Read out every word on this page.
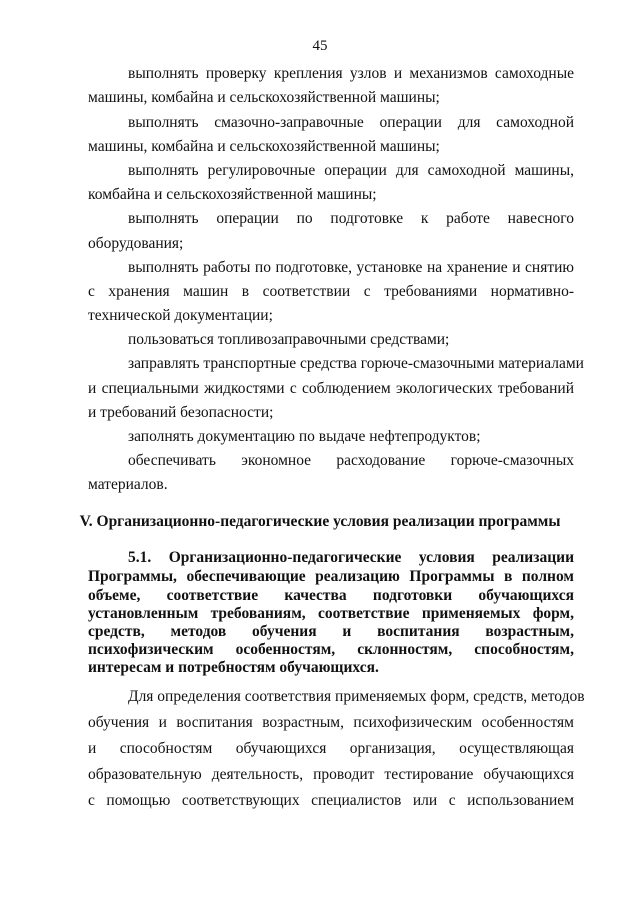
45
выполнять проверку крепления узлов и механизмов самоходные
машины, комбайна и сельскохозяйственной машины;
выполнять смазочно-заправочные операции для самоходной
машины, комбайна и сельскохозяйственной машины;
выполнять регулировочные операции для самоходной машины,
комбайна и сельскохозяйственной машины;
выполнять операции по подготовке к работе навесного
оборудования;
выполнять работы по подготовке, установке на хранение и снятию
с хранения машин в соответствии с требованиями нормативно-
технической документации;
пользоваться топливозаправочными средствами;
заправлять транспортные средства горюче-смазочными материалами
и специальными жидкостями с соблюдением экологических требований
и требований безопасности;
заполнять документацию по выдаче нефтепродуктов;
обеспечивать экономное расходование горюче-смазочных
материалов.
V. Организационно-педагогические условия реализации программы
5.1. Организационно-педагогические условия реализации
Программы, обеспечивающие реализацию Программы в полном
объеме, соответствие качества подготовки обучающихся
установленным требованиям, соответствие применяемых форм,
средств, методов обучения и воспитания возрастным,
психофизическим особенностям, склонностям, способностям,
интересам и потребностям обучающихся.
Для определения соответствия применяемых форм, средств, методов
обучения и воспитания возрастным, психофизическим особенностям
и способностям обучающихся организация, осуществляющая
образовательную деятельность, проводит тестирование обучающихся
с помощью соответствующих специалистов или с использованием
